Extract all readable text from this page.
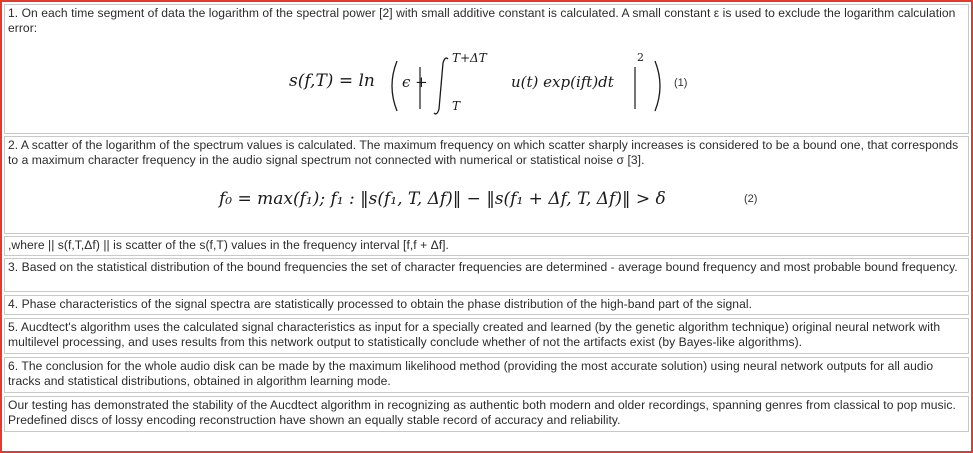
1. On each time segment of data the logarithm of the spectral power [2] with small additive constant is calculated. A small constant ε is used to exclude the logarithm calculation error:

s(f,T) = ln ϵ +
T+ΔT
T
u(t) exp(ift)dt
2
(1)

2. A scatter of the logarithm of the spectrum values is calculated. The maximum frequency on which scatter sharply increases is considered to be a bound one, that corresponds to a maximum character frequency in the audio signal spectrum not connected with numerical or statistical noise σ [3].

f₀ = max(f₁); f₁ : ‖s(f₁, T, Δf)‖ − ‖s(f₁ + Δf, T, Δf)‖ > δ	(2)

,where || s(f,T,Δf) || is scatter of the s(f,T) values in the frequency interval [f,f + Δf].

3. Based on the statistical distribution of the bound frequencies the set of character frequencies are determined - average bound frequency and most probable bound frequency.

4. Phase characteristics of the signal spectra are statistically processed to obtain the phase distribution of the high-band part of the signal.

5. Aucdtect's algorithm uses the calculated signal characteristics as input for a specially created and learned (by the genetic algorithm technique) original neural network with multilevel processing, and uses results from this network output to statistically conclude whether of not the artifacts exist (by Bayes-like algorithms).

6. The conclusion for the whole audio disk can be made by the maximum likelihood method (providing the most accurate solution) using neural network outputs for all audio tracks and statistical distributions, obtained in algorithm learning mode.

Our testing has demonstrated the stability of the Aucdtect algorithm in recognizing as authentic both modern and older recordings, spanning genres from classical to pop music. Predefined discs of lossy encoding reconstruction have shown an equally stable record of accuracy and reliability.
